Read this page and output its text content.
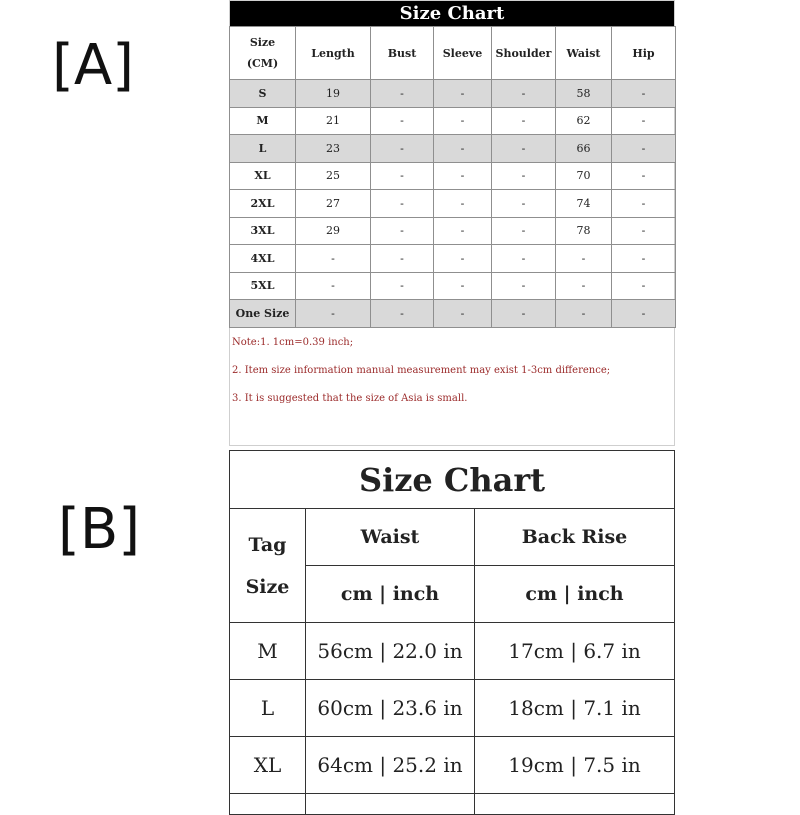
[A]
[B]
Size Chart
Size
(CM)	Length	Bust	Sleeve	Shoulder	Waist	Hip
S	19	-	-	-	58	-
M	21	-	-	-	62	-
L	23	-	-	-	66	-
XL	25	-	-	-	70	-
2XL	27	-	-	-	74	-
3XL	29	-	-	-	78	-
4XL	-	-	-	-	-	-
5XL	-	-	-	-	-	-
One Size	-	-	-	-	-	-
Note:1. 1cm=0.39 inch;
2. Item size information manual measurement may exist 1-3cm difference;
3. It is suggested that the size of Asia is small.
Size Chart		

Tag
Size	Waist	Back Rise
	cm | inch	cm | inch
M	56cm | 22.0 in	17cm | 6.7 in
L	60cm | 23.6 in	18cm | 7.1 in
XL	64cm | 25.2 in	19cm | 7.5 in
